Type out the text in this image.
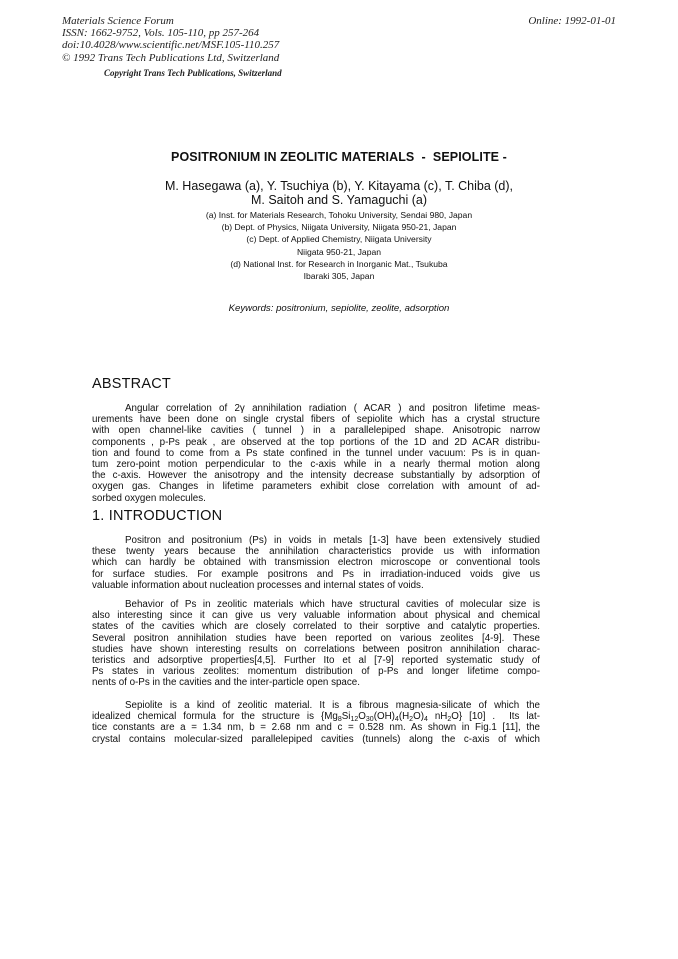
Materials Science Forum
ISSN: 1662-9752, Vols. 105-110, pp 257-264
doi:10.4028/www.scientific.net/MSF.105-110.257
© 1992 Trans Tech Publications Ltd, Switzerland
Online: 1992-01-01
Copyright Trans Tech Publications, Switzerland
POSITRONIUM IN ZEOLITIC MATERIALS  -  SEPIOLITE -
M. Hasegawa (a), Y. Tsuchiya (b), Y. Kitayama (c), T. Chiba (d),
M. Saitoh and S. Yamaguchi (a)
(a) Inst. for Materials Research, Tohoku University, Sendai 980, Japan
(b) Dept. of Physics, Niigata University, Niigata 950-21, Japan
(c) Dept. of Applied Chemistry, Niigata University
Niigata 950-21, Japan
(d) National Inst. for Research in Inorganic Mat., Tsukuba
Ibaraki 305, Japan
Keywords: positronium, sepiolite, zeolite, adsorption
ABSTRACT
Angular correlation of 2γ annihilation radiation ( ACAR ) and positron lifetime meas-
urements have been done on single crystal fibers of sepiolite which has a crystal structure
with open channel-like cavities ( tunnel ) in a parallelepiped shape. Anisotropic narrow
components , p-Ps peak , are observed at the top portions of the 1D and 2D ACAR distribu-
tion and found to come from a Ps state confined in the tunnel under vacuum: Ps is in quan-
tum zero-point motion perpendicular to the c-axis while in a nearly thermal motion along
the c-axis. However the anisotropy and the intensity decrease substantially by adsorption of
oxygen gas. Changes in lifetime parameters exhibit close correlation with amount of ad-
sorbed oxygen molecules.
1. INTRODUCTION
Positron and positronium (Ps) in voids in metals [1-3] have been extensively studied
these twenty years because the annihilation characteristics provide us with information
which can hardly be obtained with transmission electron microscope or conventional tools
for surface studies. For example positrons and Ps in irradiation-induced voids give us
valuable information about nucleation processes and internal states of voids.
Behavior of Ps in zeolitic materials which have structural cavities of molecular size is
also interesting since it can give us very valuable information about physical and chemical
states of the cavities which are closely correlated to their sorptive and catalytic properties.
Several positron annihilation studies have been reported on various zeolites [4-9]. These
studies have shown interesting results on correlations between positron annihilation charac-
teristics and adsorptive properties[4,5]. Further Ito et al [7-9] reported systematic study of
Ps states in various zeolites: momentum distribution of p-Ps and longer lifetime compo-
nents of o-Ps in the cavities and the inter-particle open space.
Sepiolite is a kind of zeolitic material. It is a fibrous magnesia-silicate of which the
idealized chemical formula for the structure is {$Mg_8Si_{12}O_{30}(OH)_4(H_2O)_4$ $nH_2O$} [10] .  Its lat-
tice constants are a = 1.34 nm, b = 2.68 nm and c = 0.528 nm. As shown in Fig.1 [11], the
crystal contains molecular-sized parallelepiped cavities (tunnels) along the c-axis of which
